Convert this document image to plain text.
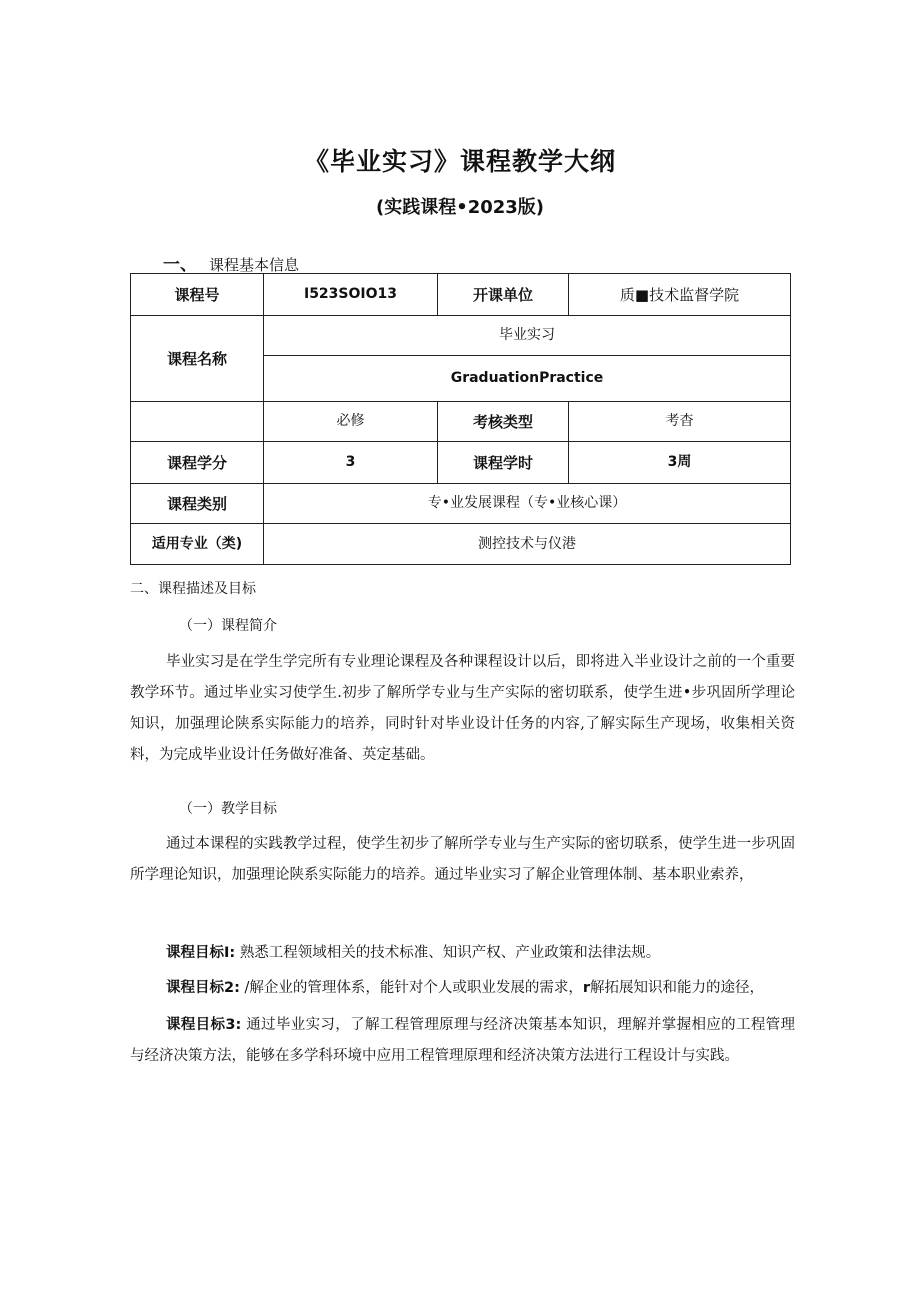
《毕业实习》课程教学大纲
(实践课程•2023版)
一、 课程基本信息
课程号	I523SOIO13	开课单位	质■技术监督学院
课程名称	毕业实习		
	GraduationPractice		
	必修	考核类型	考杳
课程学分	3	课程学时	3周
课程类别	专•业发展课程（专•业核心课）		
适用专业（类)	测控技术与仪港		
二、课程描述及目标
（一）课程简介

毕业实习是在学生学完所有专业理论课程及各种课程设计以后，即将进入半业设计之前的一个重要教学环节。通过毕业实习使学生.初步了解所学专业与生产实际的密切联系，使学生进•步巩固所学理论知识，加强理论陕系实际能力的培养，同时针对毕业设计任务的内容,了解实际生产现场，收集相关资料，为完成毕业设计任务做好准备、英定基础。

（一）教学目标

通过本课程的实践教学过程，使学生初步了解所学专业与生产实际的密切联系，使学生进一步巩固所学理论知识，加强理论陕系实际能力的培养。通过毕业实习了解企业管理体制、基本职业索养，

课程目标I: 熟悉工程领域相关的技术标准、知识产权、产业政策和法律法规。

课程目标2: /解企业的管理体系，能针对个人或职业发展的需求，r解拓展知识和能力的途径，

课程目标3: 通过毕业实习，了解工程管理原理与经济决策基本知识，理解并掌握相应的工程管理与经济决策方法，能够在多学科环境中应用工程管理原理和经济决策方法进行工程设计与实践。
